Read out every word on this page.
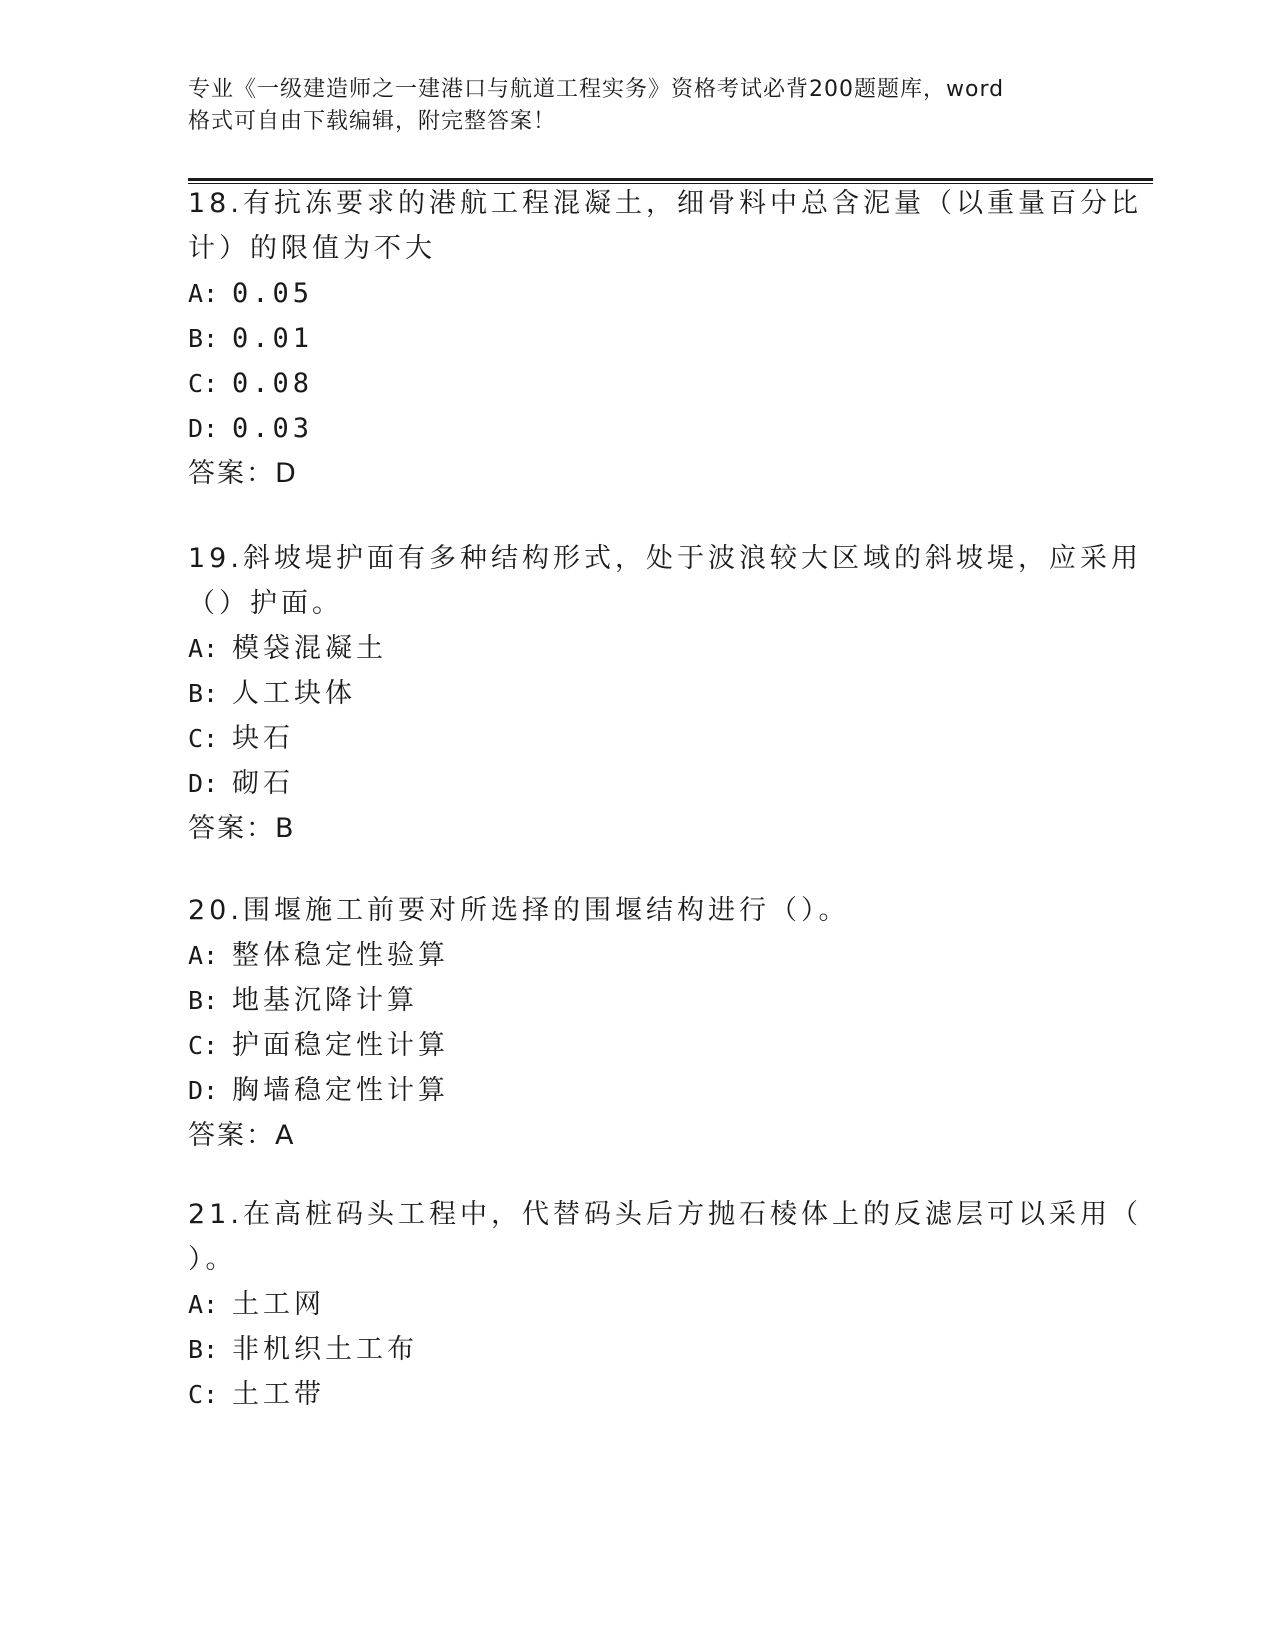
专业《一级建造师之一建港口与航道工程实务》资格考试必背200题题库，word
格式可自由下载编辑，附完整答案！
18.有抗冻要求的港航工程混凝土，细骨料中总含泥量（以重量百分比
计）的限值为不大
A: 0.05
B: 0.01
C: 0.08
D: 0.03
答案：D
19.斜坡堤护面有多种结构形式，处于波浪较大区域的斜坡堤，应采用
（）护面。
A: 模袋混凝土
B: 人工块体
C: 块石
D: 砌石
答案：B
20.围堰施工前要对所选择的围堰结构进行（）。
A: 整体稳定性验算
B: 地基沉降计算
C: 护面稳定性计算
D: 胸墙稳定性计算
答案：A
21.在高桩码头工程中，代替码头后方抛石棱体上的反滤层可以采用（
）。
A: 土工网
B: 非机织土工布
C: 土工带
